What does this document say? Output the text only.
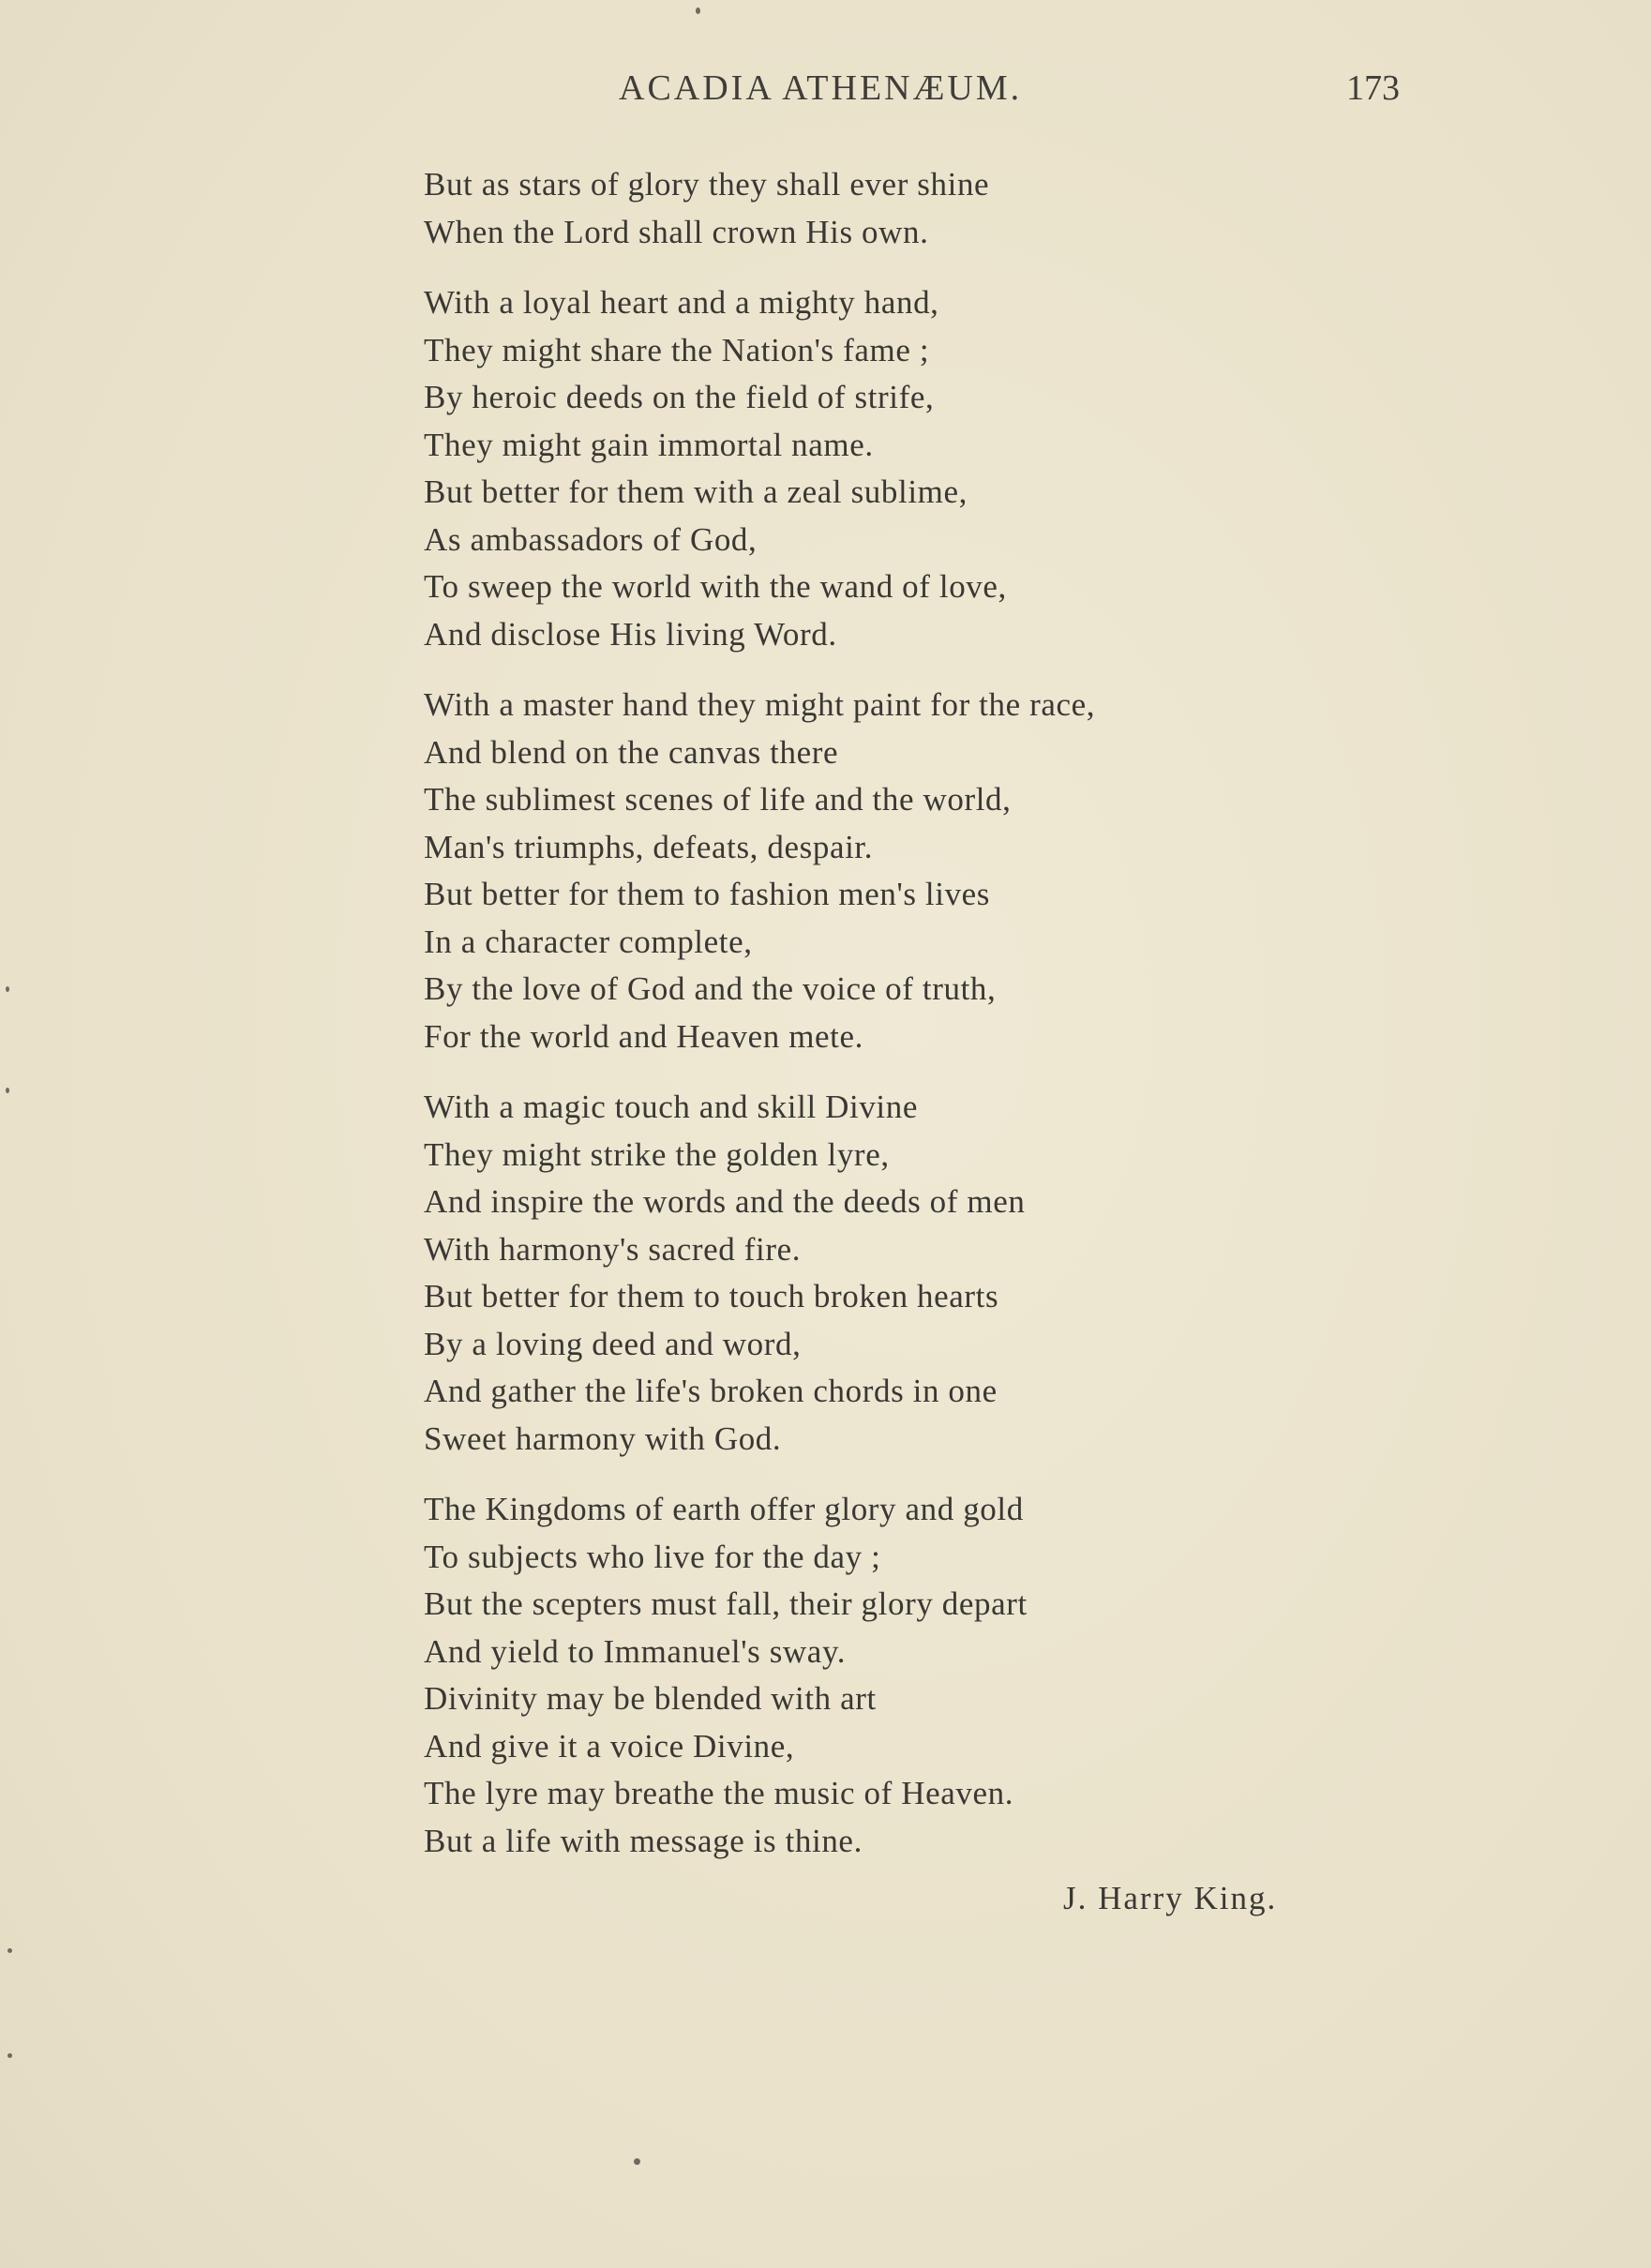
ACADIA ATHENÆUM.	173
But as stars of glory they shall ever shine
When the Lord shall crown His own.
With a loyal heart and a mighty hand,
They might share the Nation's fame ;
By heroic deeds on the field of strife,
They might gain immortal name.
But better for them with a zeal sublime,
As ambassadors of God,
To sweep the world with the wand of love,
And disclose His living Word.
With a master hand they might paint for the race,
And blend on the canvas there
The sublimest scenes of life and the world,
Man's triumphs, defeats, despair.
But better for them to fashion men's lives
In a character complete,
By the love of God and the voice of truth,
For the world and Heaven mete.
With a magic touch and skill Divine
They might strike the golden lyre,
And inspire the words and the deeds of men
With harmony's sacred fire.
But better for them to touch broken hearts
By a loving deed and word,
And gather the life's broken chords in one
Sweet harmony with God.
The Kingdoms of earth offer glory and gold
To subjects who live for the day ;
But the scepters must fall, their glory depart
And yield to Immanuel's sway.
Divinity may be blended with art
And give it a voice Divine,
The lyre may breathe the music of Heaven.
But a life with message is thine.
J. Harry King.
